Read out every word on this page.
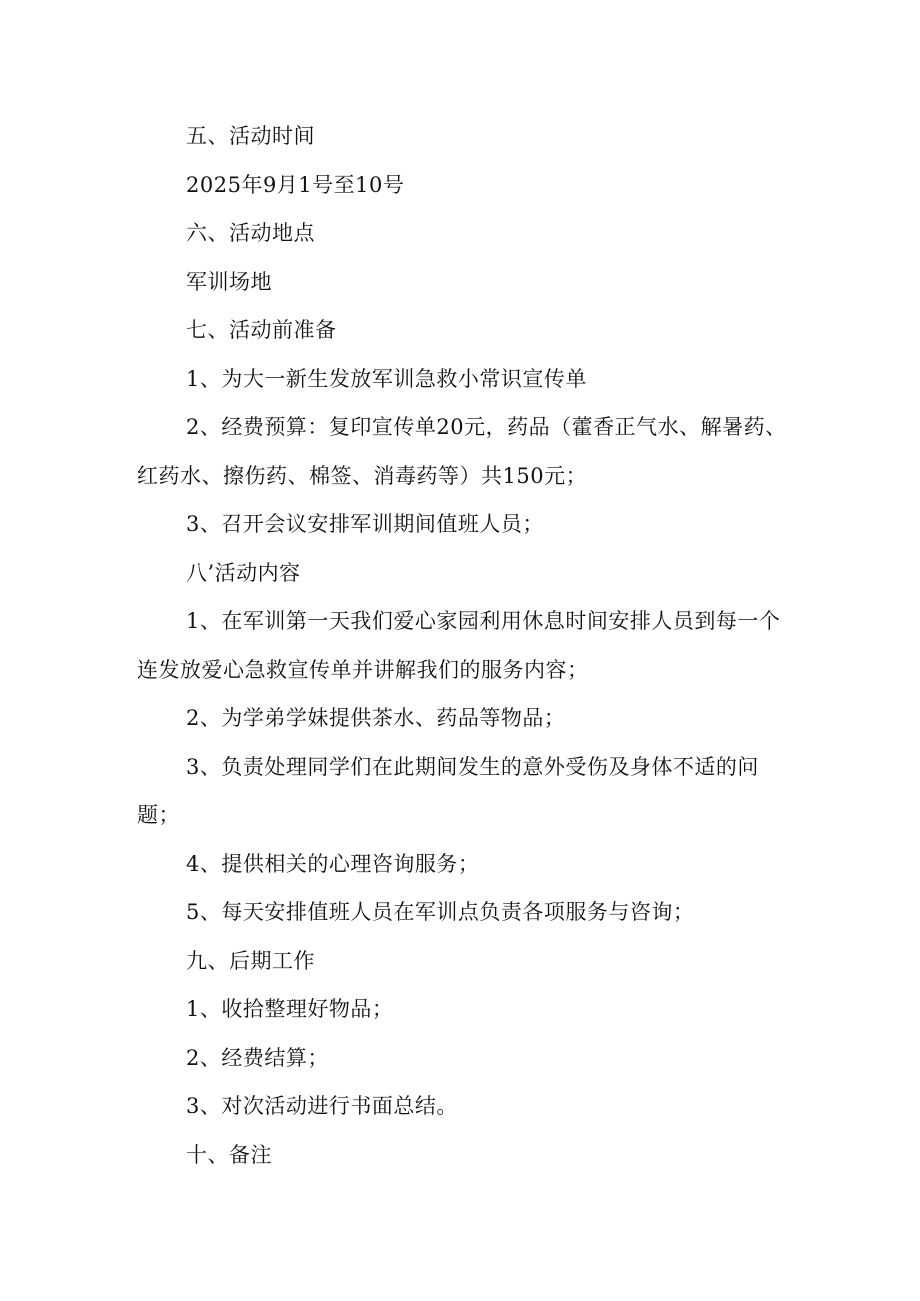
五、活动时间

2025年9月1号至10号

六、活动地点

军训场地

七、活动前准备

1、为大一新生发放军训急救小常识宣传单

2、经费预算：复印宣传单20元，药品（藿香正气水、解暑药、红药水、擦伤药、棉签、消毒药等）共150元；

3、召开会议安排军训期间值班人员；

八’活动内容

1、在军训第一天我们爱心家园利用休息时间安排人员到每一个连发放爱心急救宣传单并讲解我们的服务内容；

2、为学弟学妹提供茶水、药品等物品；

3、负责处理同学们在此期间发生的意外受伤及身体不适的问题；

4、提供相关的心理咨询服务；

5、每天安排值班人员在军训点负责各项服务与咨询；

九、后期工作

1、收拾整理好物品；

2、经费结算；

3、对次活动进行书面总结。

十、备注
